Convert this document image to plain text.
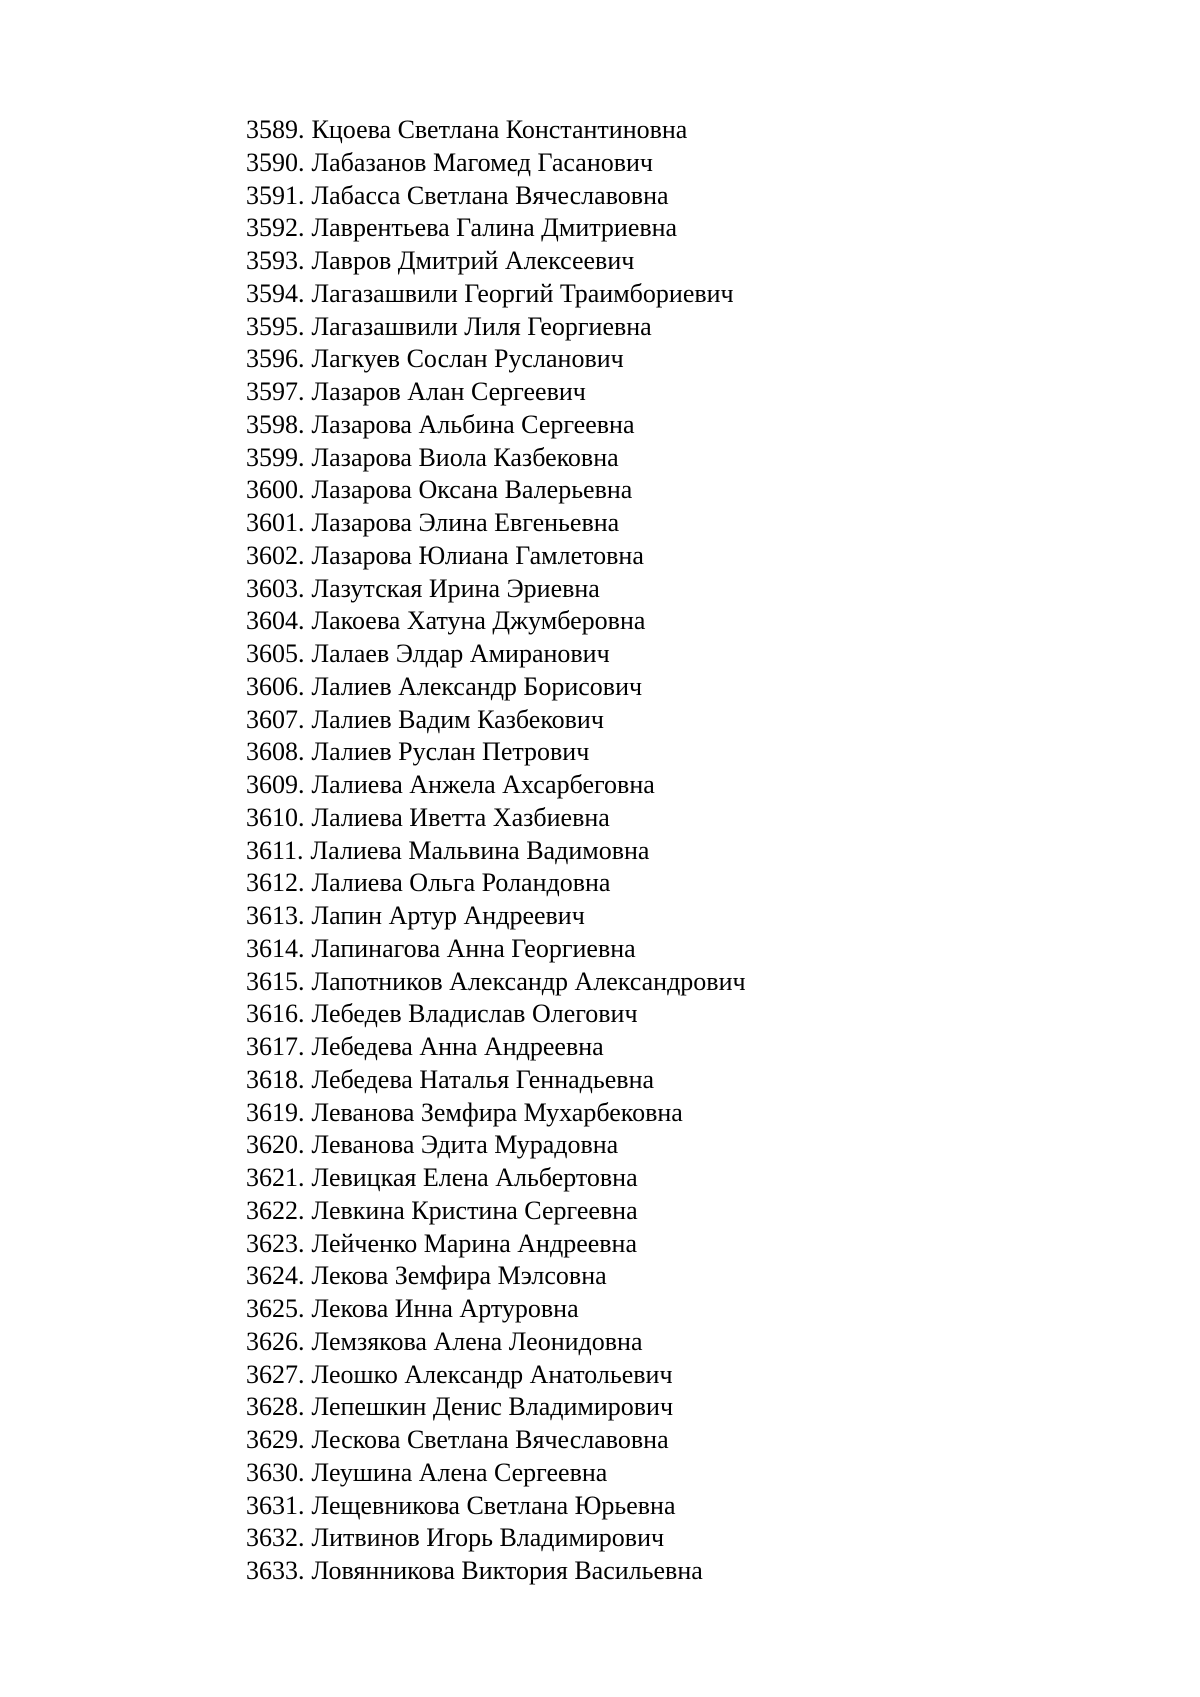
3589. Кцоева Светлана Константиновна
3590. Лабазанов Магомед Гасанович
3591. Лабасса Светлана Вячеславовна
3592. Лаврентьева Галина Дмитриевна
3593. Лавров Дмитрий Алексеевич
3594. Лагазашвили Георгий Траимбориевич
3595. Лагазашвили Лиля Георгиевна
3596. Лагкуев Сослан Русланович
3597. Лазаров Алан Сергеевич
3598. Лазарова Альбина Сергеевна
3599. Лазарова Виола Казбековна
3600. Лазарова Оксана Валерьевна
3601. Лазарова Элина Евгеньевна
3602. Лазарова Юлиана Гамлетовна
3603. Лазутская Ирина Эриевна
3604. Лакоева Хатуна Джумберовна
3605. Лалаев Элдар Амиранович
3606. Лалиев Александр Борисович
3607. Лалиев Вадим Казбекович
3608. Лалиев Руслан Петрович
3609. Лалиева Анжела Ахсарбеговна
3610. Лалиева Иветта Хазбиевна
3611. Лалиева Мальвина Вадимовна
3612. Лалиева Ольга Роландовна
3613. Лапин Артур Андреевич
3614. Лапинагова Анна Георгиевна
3615. Лапотников Александр Александрович
3616. Лебедев Владислав Олегович
3617. Лебедева Анна Андреевна
3618. Лебедева Наталья Геннадьевна
3619. Леванова Земфира Мухарбековна
3620. Леванова Эдита Мурадовна
3621. Левицкая Елена Альбертовна
3622. Левкина Кристина Сергеевна
3623. Лейченко Марина Андреевна
3624. Лекова Земфира Мэлсовна
3625. Лекова Инна Артуровна
3626. Лемзякова Алена Леонидовна
3627. Леошко Александр Анатольевич
3628. Лепешкин Денис Владимирович
3629. Лескова Светлана Вячеславовна
3630. Леушина Алена Сергеевна
3631. Лещевникова Светлана Юрьевна
3632. Литвинов Игорь Владимирович
3633. Ловянникова Виктория Васильевна
